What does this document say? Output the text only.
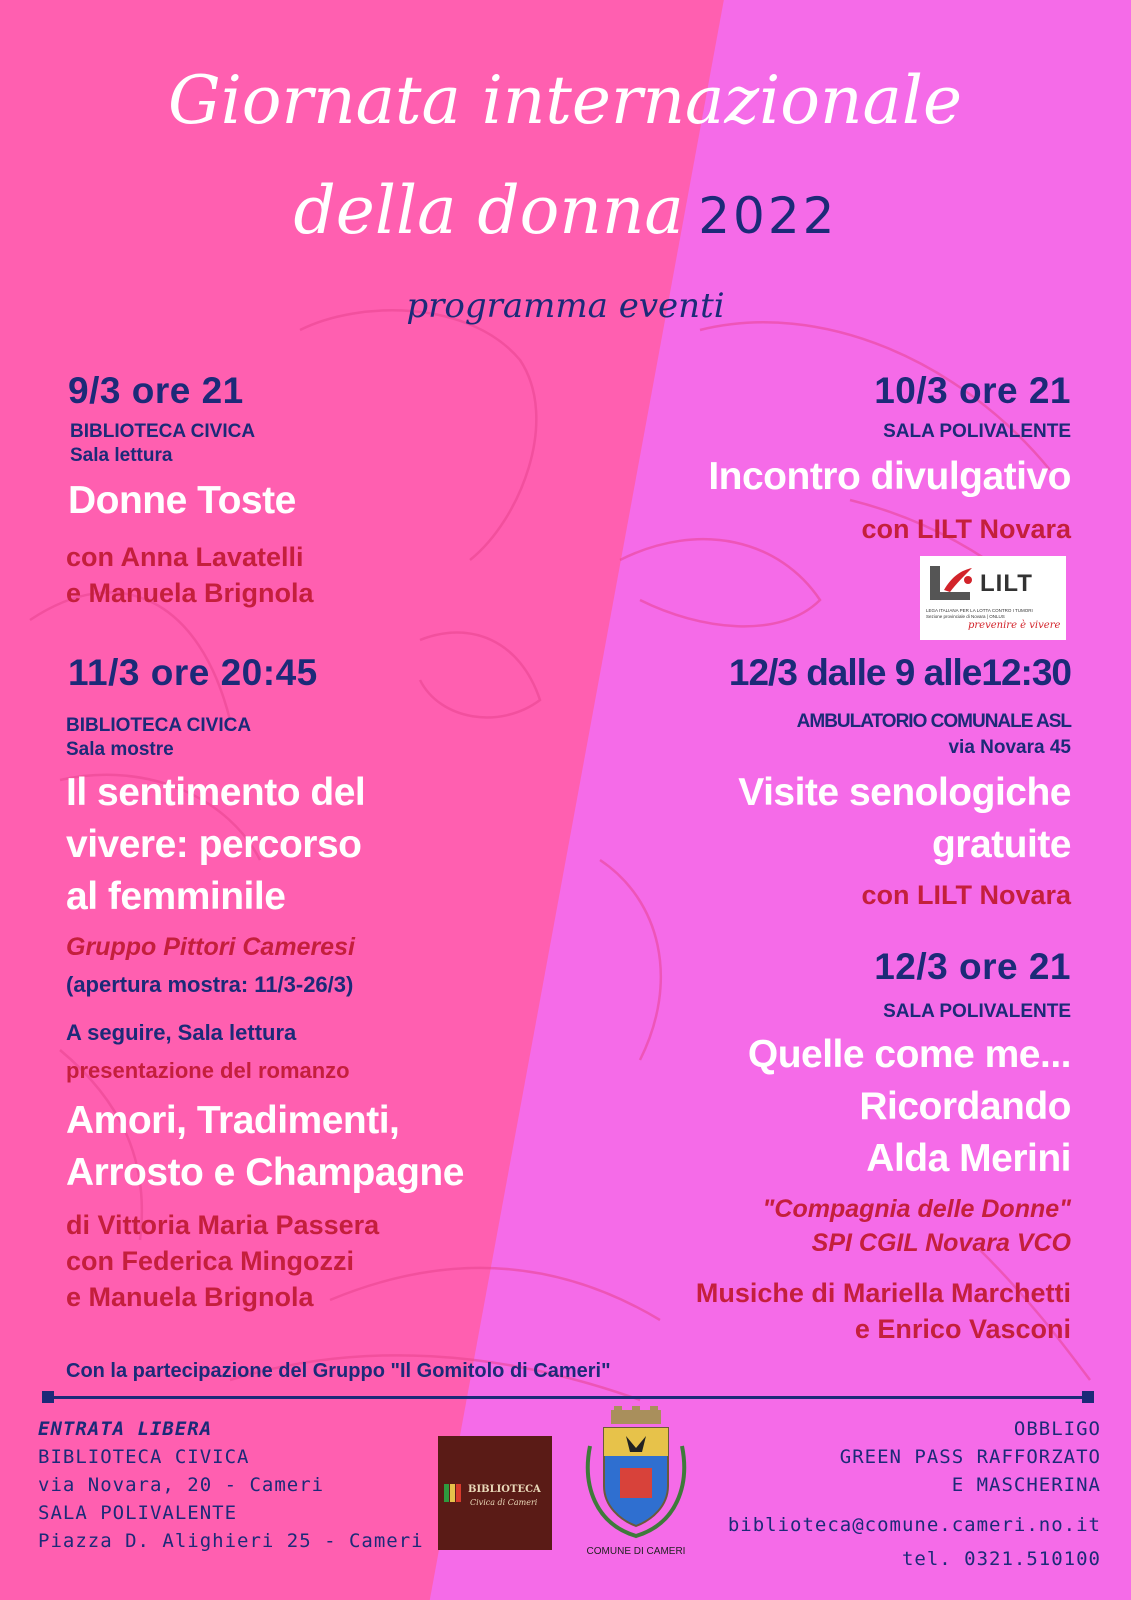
Giornata internazionale
della donna 2022
programma eventi
9/3 ore 21
BIBLIOTECA CIVICA
Sala lettura
Donne Toste
con Anna Lavatelli
e Manuela Brignola
10/3 ore 21
SALA POLIVALENTE
Incontro divulgativo
con LILT Novara
LILT
LEGA ITALIANA PER LA LOTTA CONTRO I TUMORI
Sezione provinciale di Novara | ONLUS
prevenire è vivere
11/3 ore 20:45
BIBLIOTECA CIVICA
Sala mostre
Il sentimento del
vivere: percorso
al femminile
Gruppo Pittori Cameresi
(apertura mostra: 11/3-26/3)
A seguire, Sala lettura
presentazione del romanzo
Amori, Tradimenti,
Arrosto e Champagne
di Vittoria Maria Passera
con Federica Mingozzi
e Manuela Brignola
12/3 dalle 9 alle12:30
AMBULATORIO COMUNALE ASL
via Novara 45
Visite senologiche
gratuite
con LILT Novara
12/3 ore 21
SALA POLIVALENTE
Quelle come me...
Ricordando
Alda Merini
"Compagnia delle Donne"
SPI CGIL Novara VCO
Musiche di Mariella Marchetti
e Enrico Vasconi
Con la partecipazione del Gruppo "Il Gomitolo di Cameri"
ENTRATA LIBERA
BIBLIOTECA CIVICA
via Novara, 20 - Cameri
SALA POLIVALENTE
Piazza D. Alighieri 25 - Cameri
BIBLIOTECA
Civica di Cameri
COMUNE DI CAMERI
OBBLIGO
GREEN PASS RAFFORZATO
E MASCHERINA
biblioteca@comune.cameri.no.it
tel. 0321.510100
